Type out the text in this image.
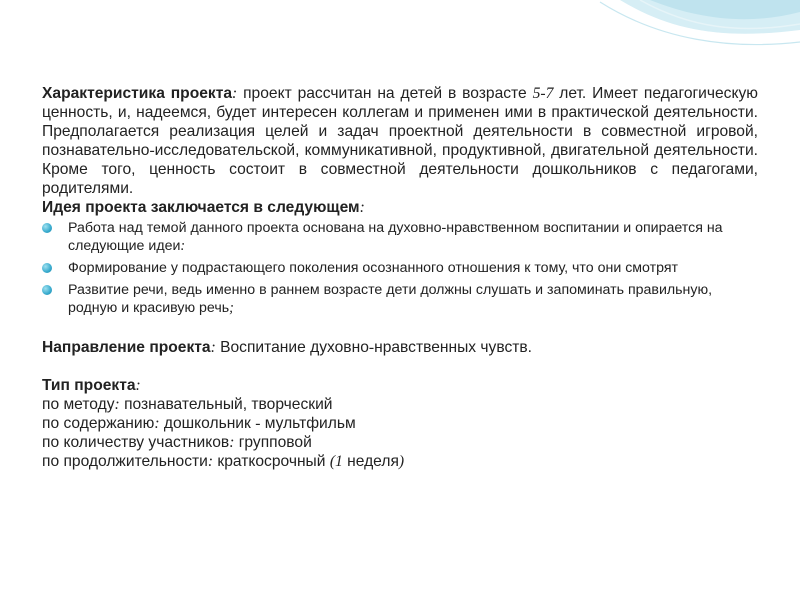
Характеристика проекта: проект рассчитан на детей в возрасте 5-7 лет. Имеет педагогическую ценность, и, надеемся, будет интересен коллегам и применен ими в практической деятельности. Предполагается реализация целей и задач проектной деятельности в совместной игровой, познавательно-исследовательской, коммуникативной, продуктивной, двигательной деятельности. Кроме того, ценность состоит в совместной деятельности дошкольников с педагогами, родителями.

Идея проекта заключается в следующем:

Работа над темой данного проекта основана на духовно-нравственном воспитании и опирается на следующие идеи:
Формирование у подрастающего поколения осознанного отношения к тому, что они смотрят
Развитие речи, ведь именно в раннем возрасте дети должны слушать и запоминать правильную, родную и красивую речь;

Направление проекта: Воспитание духовно-нравственных чувств.

Тип проекта:
по методу: познавательный, творческий
по содержанию: дошкольник - мультфильм
по количеству участников: групповой
по продолжительности: краткосрочный (1 неделя)
